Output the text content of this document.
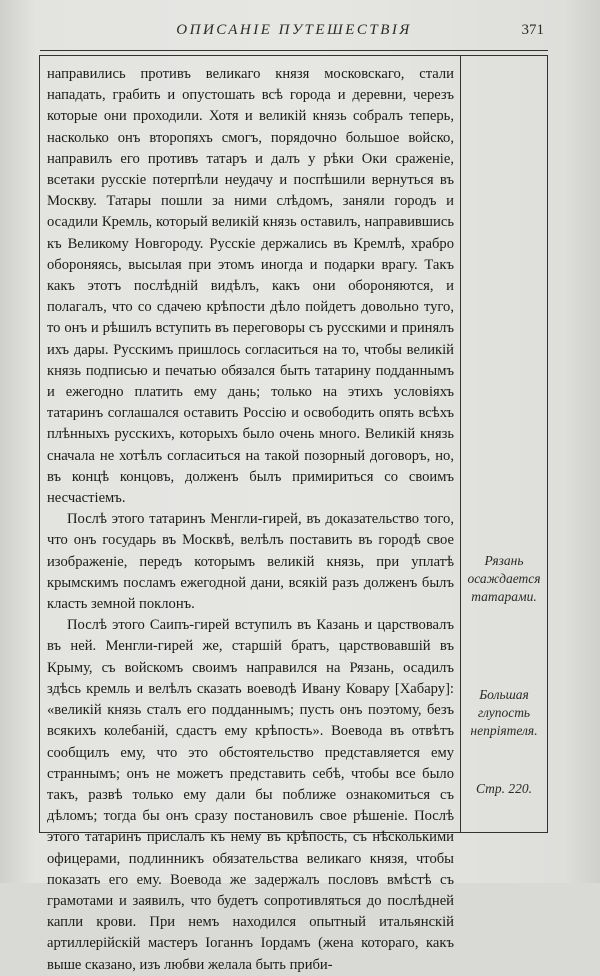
ОПИСАНІЕ ПУТЕШЕСТВІЯ	371

направились противъ великаго князя московскаго, стали нападать, грабить и опустошать всѣ города и деревни, черезъ которые они проходили. Хотя и великій князь собралъ теперь, насколько онъ второпяхъ смогъ, порядочно большое войско, направилъ его противъ татаръ и далъ у рѣки Оки сраженіе, всетаки русскіе потерпѣли неудачу и поспѣшили вернуться въ Москву. Татары пошли за ними слѣдомъ, заняли городъ и осадили Кремль, который великій князь оставилъ, направившись къ Великому Новгороду. Русскіе держались въ Кремлѣ, храбро обороняясь, высылая при этомъ иногда и подарки врагу. Такъ какъ этотъ послѣдній видѣлъ, какъ они обороняются, и полагалъ, что со сдачею крѣпости дѣло пойдетъ довольно туго, то онъ и рѣшилъ вступить въ переговоры съ русскими и принялъ ихъ дары. Русскимъ пришлось согласиться на то, чтобы великій князь подписью и печатью обязался быть татарину подданнымъ и ежегодно платить ему дань; только на этихъ условіяхъ татаринъ соглашался оставить Россію и освободить опять всѣхъ плѣнныхъ русскихъ, которыхъ было очень много. Великій князь сначала не хотѣлъ согласиться на такой позорный договоръ, но, въ концѣ концовъ, долженъ былъ примириться со своимъ несчастіемъ.

Послѣ этого татаринъ Менгли-гирей, въ доказательство того, что онъ государь въ Москвѣ, велѣлъ поставить въ городѣ свое изображеніе, передъ которымъ великій князь, при уплатѣ крымскимъ посламъ ежегодной дани, всякій разъ долженъ былъ класть земной поклонъ.

Послѣ этого Саипъ-гирей вступилъ въ Казань и царствовалъ въ ней. Менгли-гирей же, старшій братъ, царствовавшій въ Крыму, съ войскомъ своимъ направился на Рязань, осадилъ здѣсь кремль и велѣлъ сказать воеводѣ Ивану Ковару [Хабару]: «великій князь сталъ его подданнымъ; пусть онъ поэтому, безъ всякихъ колебаній, сдастъ ему крѣпость». Воевода въ отвѣтъ сообщилъ ему, что это обстоятельство представляется ему страннымъ; онъ не можетъ представить себѣ, чтобы все было такъ, развѣ только ему дали бы поближе ознакомиться съ дѣломъ; тогда бы онъ сразу постановилъ свое рѣшеніе. Послѣ этого татаринъ прислалъ къ нему въ крѣпость, съ нѣсколькими офицерами, подлинникъ обязательства великаго князя, чтобы показать его ему. Воевода же задержалъ пословъ вмѣстѣ съ грамотами и заявилъ, что будетъ сопротивляться до послѣдней капли крови. При немъ находился опытный итальянскій артиллерійскій мастеръ Іоганнъ Іордамъ (жена котораго, какъ выше сказано, изъ любви желала быть приби-

Рязань осаждается татарами.
Большая глупость непріятеля.
Стр. 220.
